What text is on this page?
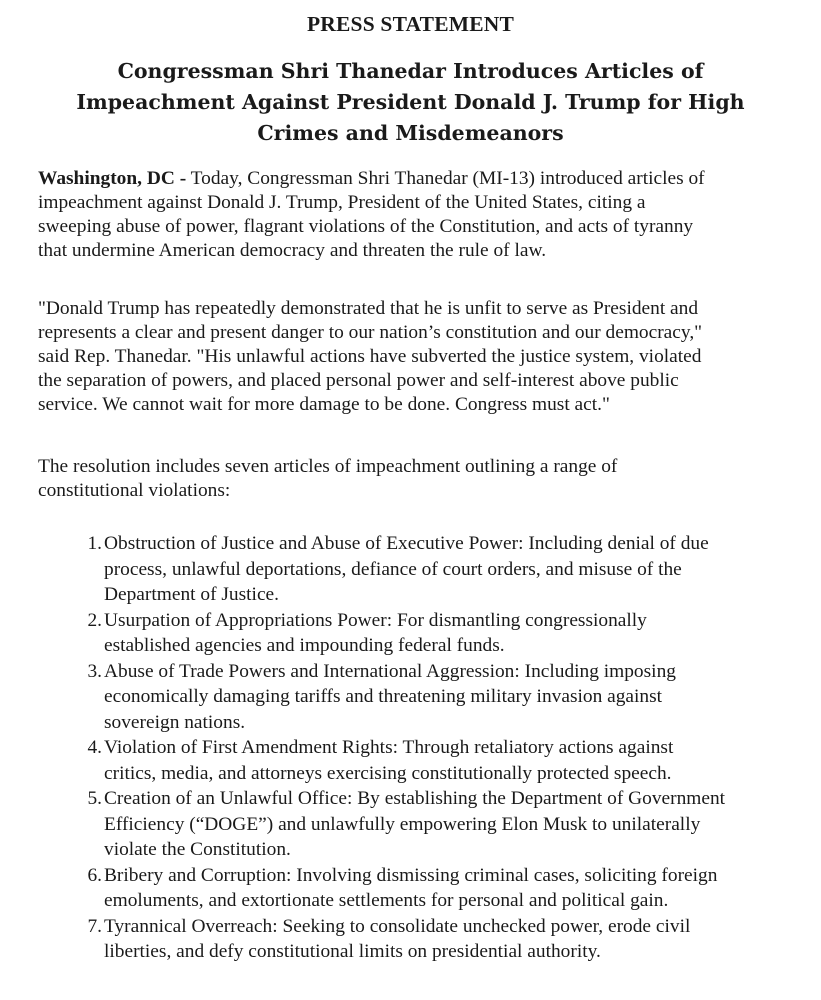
PRESS STATEMENT
Congressman Shri Thanedar Introduces Articles of
Impeachment Against President Donald J. Trump for High
Crimes and Misdemeanors

Washington, DC - Today, Congressman Shri Thanedar (MI-13) introduced articles of
impeachment against Donald J. Trump, President of the United States, citing a
sweeping abuse of power, flagrant violations of the Constitution, and acts of tyranny
that undermine American democracy and threaten the rule of law.

"Donald Trump has repeatedly demonstrated that he is unfit to serve as President and
represents a clear and present danger to our nation’s constitution and our democracy,"
said Rep. Thanedar. "His unlawful actions have subverted the justice system, violated
the separation of powers, and placed personal power and self-interest above public
service. We cannot wait for more damage to be done. Congress must act."

The resolution includes seven articles of impeachment outlining a range of
constitutional violations:

1. Obstruction of Justice and Abuse of Executive Power: Including denial of due
process, unlawful deportations, defiance of court orders, and misuse of the
Department of Justice.
2. Usurpation of Appropriations Power: For dismantling congressionally
established agencies and impounding federal funds.
3. Abuse of Trade Powers and International Aggression: Including imposing
economically damaging tariffs and threatening military invasion against
sovereign nations.
4. Violation of First Amendment Rights: Through retaliatory actions against
critics, media, and attorneys exercising constitutionally protected speech.
5. Creation of an Unlawful Office: By establishing the Department of Government
Efficiency (“DOGE”) and unlawfully empowering Elon Musk to unilaterally
violate the Constitution.
6. Bribery and Corruption: Involving dismissing criminal cases, soliciting foreign
emoluments, and extortionate settlements for personal and political gain.
7. Tyrannical Overreach: Seeking to consolidate unchecked power, erode civil
liberties, and defy constitutional limits on presidential authority.
